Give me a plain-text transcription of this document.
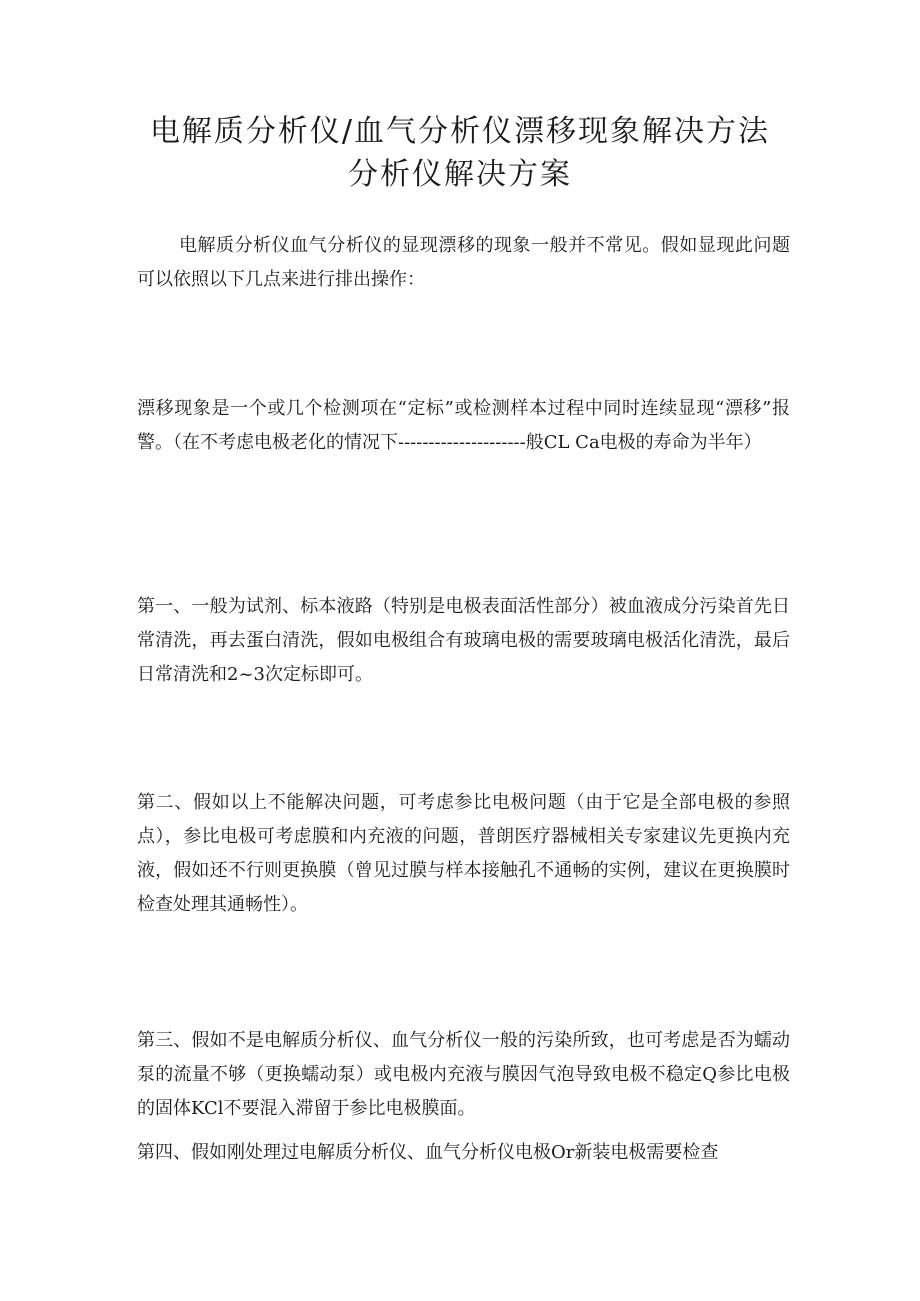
电解质分析仪/血气分析仪漂移现象解决方法
分析仪解决方案

电解质分析仪血气分析仪的显现漂移的现象一般并不常见。假如显现此问题可以依照以下几点来进行排出操作：

漂移现象是一个或几个检测项在“定标”或检测样本过程中同时连续显现“漂移”报警。（在不考虑电极老化的情况下---------------------般CL Ca电极的寿命为半年）

第一、一般为试剂、标本液路（特别是电极表面活性部分）被血液成分污染首先日常清洗，再去蛋白清洗，假如电极组合有玻璃电极的需要玻璃电极活化清洗，最后日常清洗和2~3次定标即可。

第二、假如以上不能解决问题，可考虑参比电极问题（由于它是全部电极的参照点），参比电极可考虑膜和内充液的问题，普朗医疗器械相关专家建议先更换内充液，假如还不行则更换膜（曾见过膜与样本接触孔不通畅的实例，建议在更换膜时检查处理其通畅性）。

第三、假如不是电解质分析仪、血气分析仪一般的污染所致，也可考虑是否为蠕动泵的流量不够（更换蠕动泵）或电极内充液与膜因气泡导致电极不稳定Q参比电极的固体KCl不要混入滞留于参比电极膜面。

第四、假如刚处理过电解质分析仪、血气分析仪电极Or新装电极需要检查
